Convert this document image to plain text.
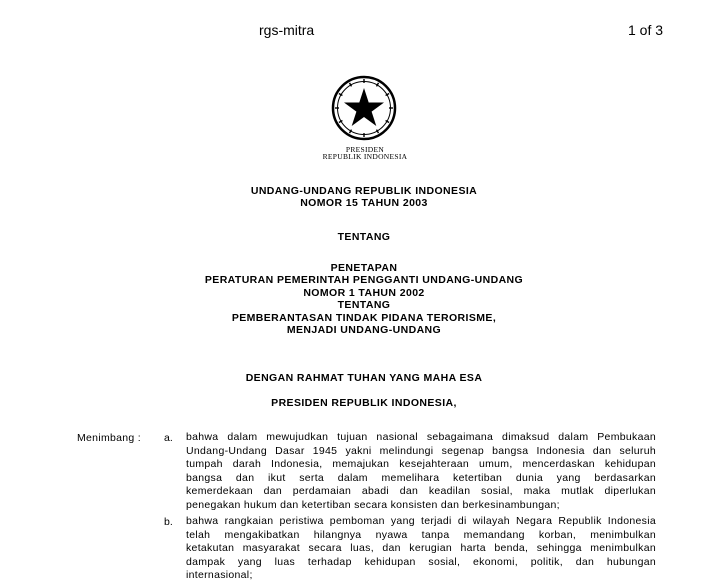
rgs-mitra	1 of 3
PRESIDEN
REPUBLIK INDONESIA
UNDANG-UNDANG REPUBLIK INDONESIA
NOMOR 15 TAHUN 2003
TENTANG
PENETAPAN
PERATURAN PEMERINTAH PENGGANTI UNDANG-UNDANG
NOMOR 1 TAHUN 2002
TENTANG
PEMBERANTASAN TINDAK PIDANA TERORISME,
MENJADI UNDANG-UNDANG
DENGAN RAHMAT TUHAN YANG MAHA ESA
PRESIDEN REPUBLIK INDONESIA,
Menimbang : a. bahwa dalam mewujudkan tujuan nasional sebagaimana dimaksud dalam Pembukaan
Undang-Undang Dasar 1945 yakni melindungi segenap bangsa Indonesia dan seluruh
tumpah darah Indonesia, memajukan kesejahteraan umum, mencerdaskan kehidupan
bangsa dan ikut serta dalam memelihara ketertiban dunia yang berdasarkan
kemerdekaan dan perdamaian abadi dan keadilan sosial, maka mutlak diperlukan
penegakan hukum dan ketertiban secara konsisten dan berkesinambungan;
b. bahwa rangkaian peristiwa pemboman yang terjadi di wilayah Negara Republik Indonesia
telah mengakibatkan hilangnya nyawa tanpa memandang korban, menimbulkan
ketakutan masyarakat secara luas, dan kerugian harta benda, sehingga menimbulkan
dampak yang luas terhadap kehidupan sosial, ekonomi, politik, dan hubungan
internasional;
